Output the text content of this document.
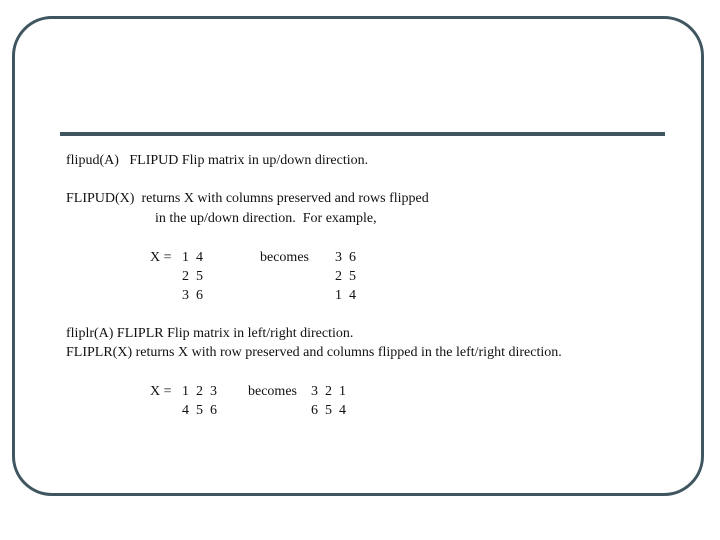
flipud(A)   FLIPUD Flip matrix in up/down direction.
FLIPUD(X)  returns X with columns preserved and rows flipped
in the up/down direction.  For example,
X = 1  4
2  5
3  6
becomes 3  6
2  5
1  4
fliplr(A) FLIPLR Flip matrix in left/right direction.
FLIPLR(X) returns X with row preserved and columns flipped in the left/right direction.
X = 1  2  3
4  5  6
becomes 3  2  1
6  5  4
